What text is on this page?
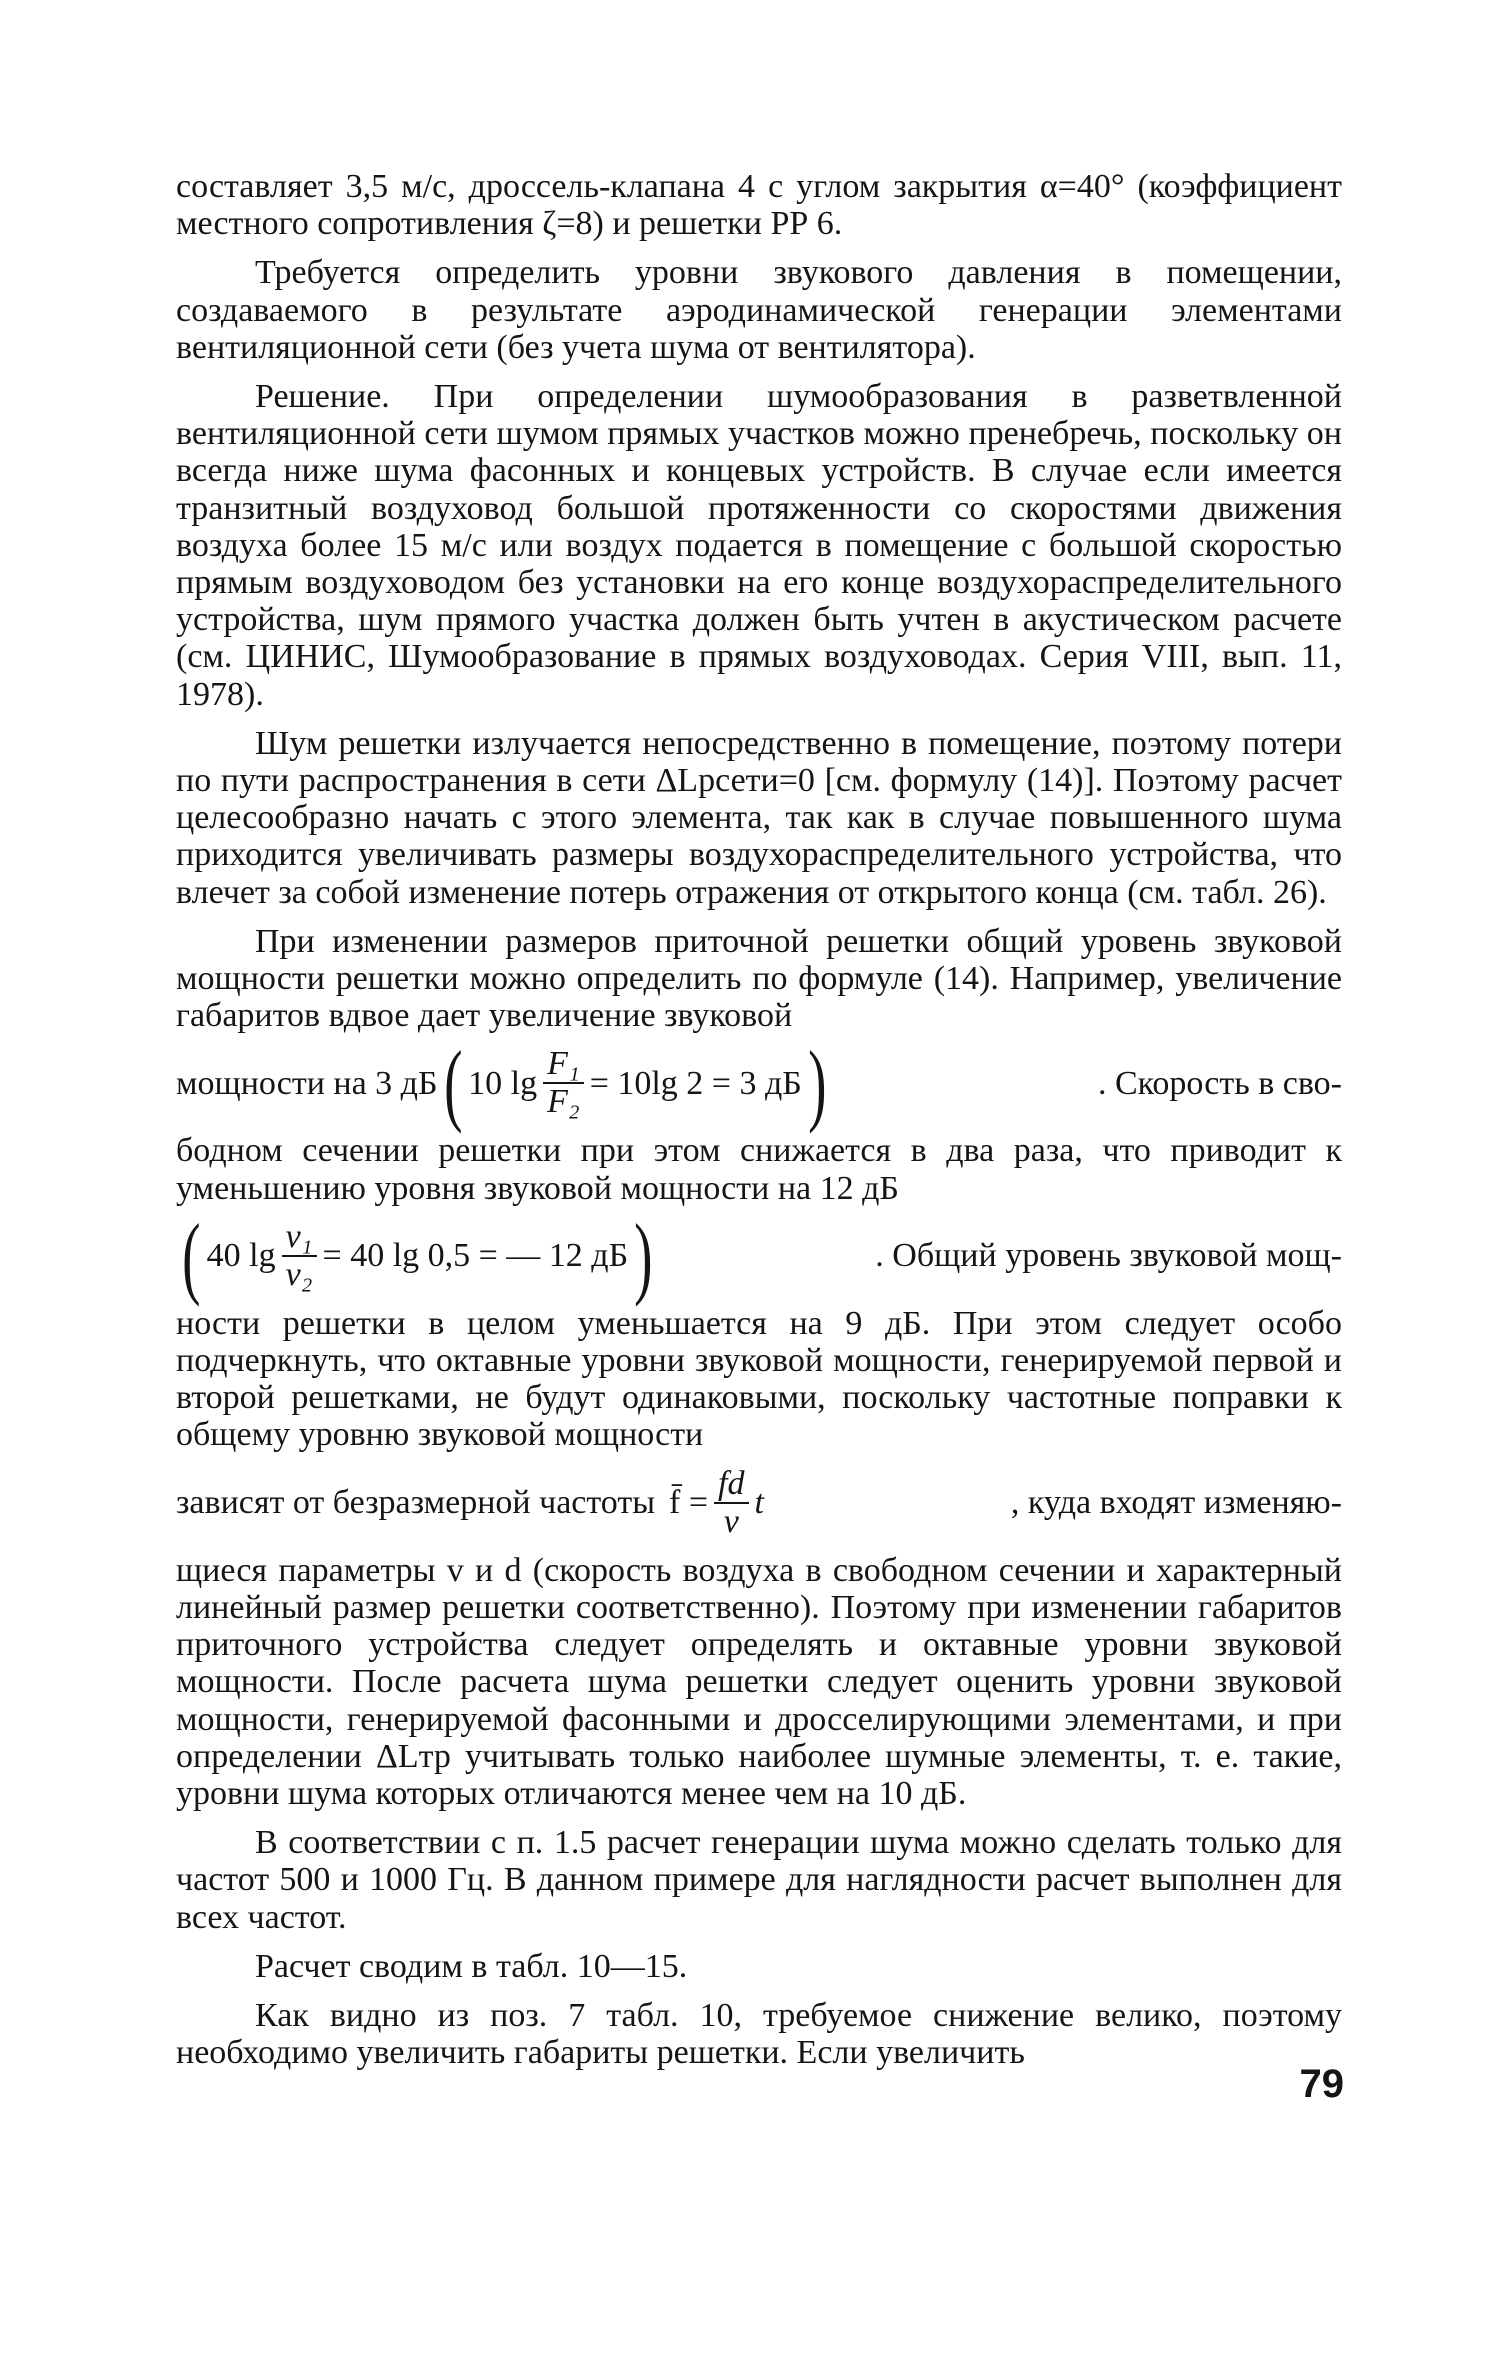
составляет 3,5 м/с, дроссель-клапана 4 с углом закрытия α=40° (коэффициент местного сопротивления ζ=8) и решетки РР 6.

Требуется определить уровни звукового давления в помещении, создаваемого в результате аэродинамической генерации элементами вентиляционной сети (без учета шума от вентилятора).

Решение. При определении шумообразования в разветвленной вентиляционной сети шумом прямых участков можно пренебречь, поскольку он всегда ниже шума фасонных и концевых устройств. В случае если имеется транзитный воздуховод большой протяженности со скоростями движения воздуха более 15 м/с или воздух подается в помещение с большой скоростью прямым воздуховодом без установки на его конце воздухораспределительного устройства, шум прямого участка должен быть учтен в акустическом расчете (см. ЦИНИС, Шумообразование в прямых воздуховодах. Серия VIII, вып. 11, 1978).

Шум решетки излучается непосредственно в помещение, поэтому потери по пути распространения в сети ΔLрсети=0 [см. формулу (14)]. Поэтому расчет целесообразно начать с этого элемента, так как в случае повышенного шума приходится увеличивать размеры воздухораспределительного устройства, что влечет за собой изменение потерь отражения от открытого конца (см. табл. 26).

При изменении размеров приточной решетки общий уровень звуковой мощности решетки можно определить по формуле (14). Например, увеличение габаритов вдвое дает увеличение звуковой

мощности на 3 дБ ( 10 $\lg \frac{\text{F₁}}{\text{F₂}} = 10\lg$ 2 = 3 дБ )	. Скорость в сво-

бодном сечении решетки при этом снижается в два раза, что приводит к уменьшению уровня звуковой мощности на 12 дБ

( 40 $\lg \frac{\text{v₁}}{\text{v₂}} = 40$ lg 0,5 = — 12 дБ )	. Общий уровень звуковой мощ-

ности решетки в целом уменьшается на 9 дБ. При этом следует особо подчеркнуть, что октавные уровни звуковой мощности, генерируемой первой и второй решетками, не будут одинаковыми, поскольку частотные поправки к общему уровню звуковой мощности

зависят от безразмерной частоты f̄ = $\frac{fd}{v}$ t	, куда входят изменяю-

щиеся параметры v и d (скорость воздуха в свободном сечении и характерный линейный размер решетки соответственно). Поэтому при изменении габаритов приточного устройства следует определять и октавные уровни звуковой мощности. После расчета шума решетки следует оценить уровни звуковой мощности, генерируемой фасонными и дросселирующими элементами, и при определении ΔLтр учитывать только наиболее шумные элементы, т. е. такие, уровни шума которых отличаются менее чем на 10 дБ.

В соответствии с п. 1.5 расчет генерации шума можно сделать только для частот 500 и 1000 Гц. В данном примере для наглядности расчет выполнен для всех частот.

Расчет сводим в табл. 10—15.

Как видно из поз. 7 табл. 10, требуемое снижение велико, поэтому необходимо увеличить габариты решетки. Если увеличить

79
